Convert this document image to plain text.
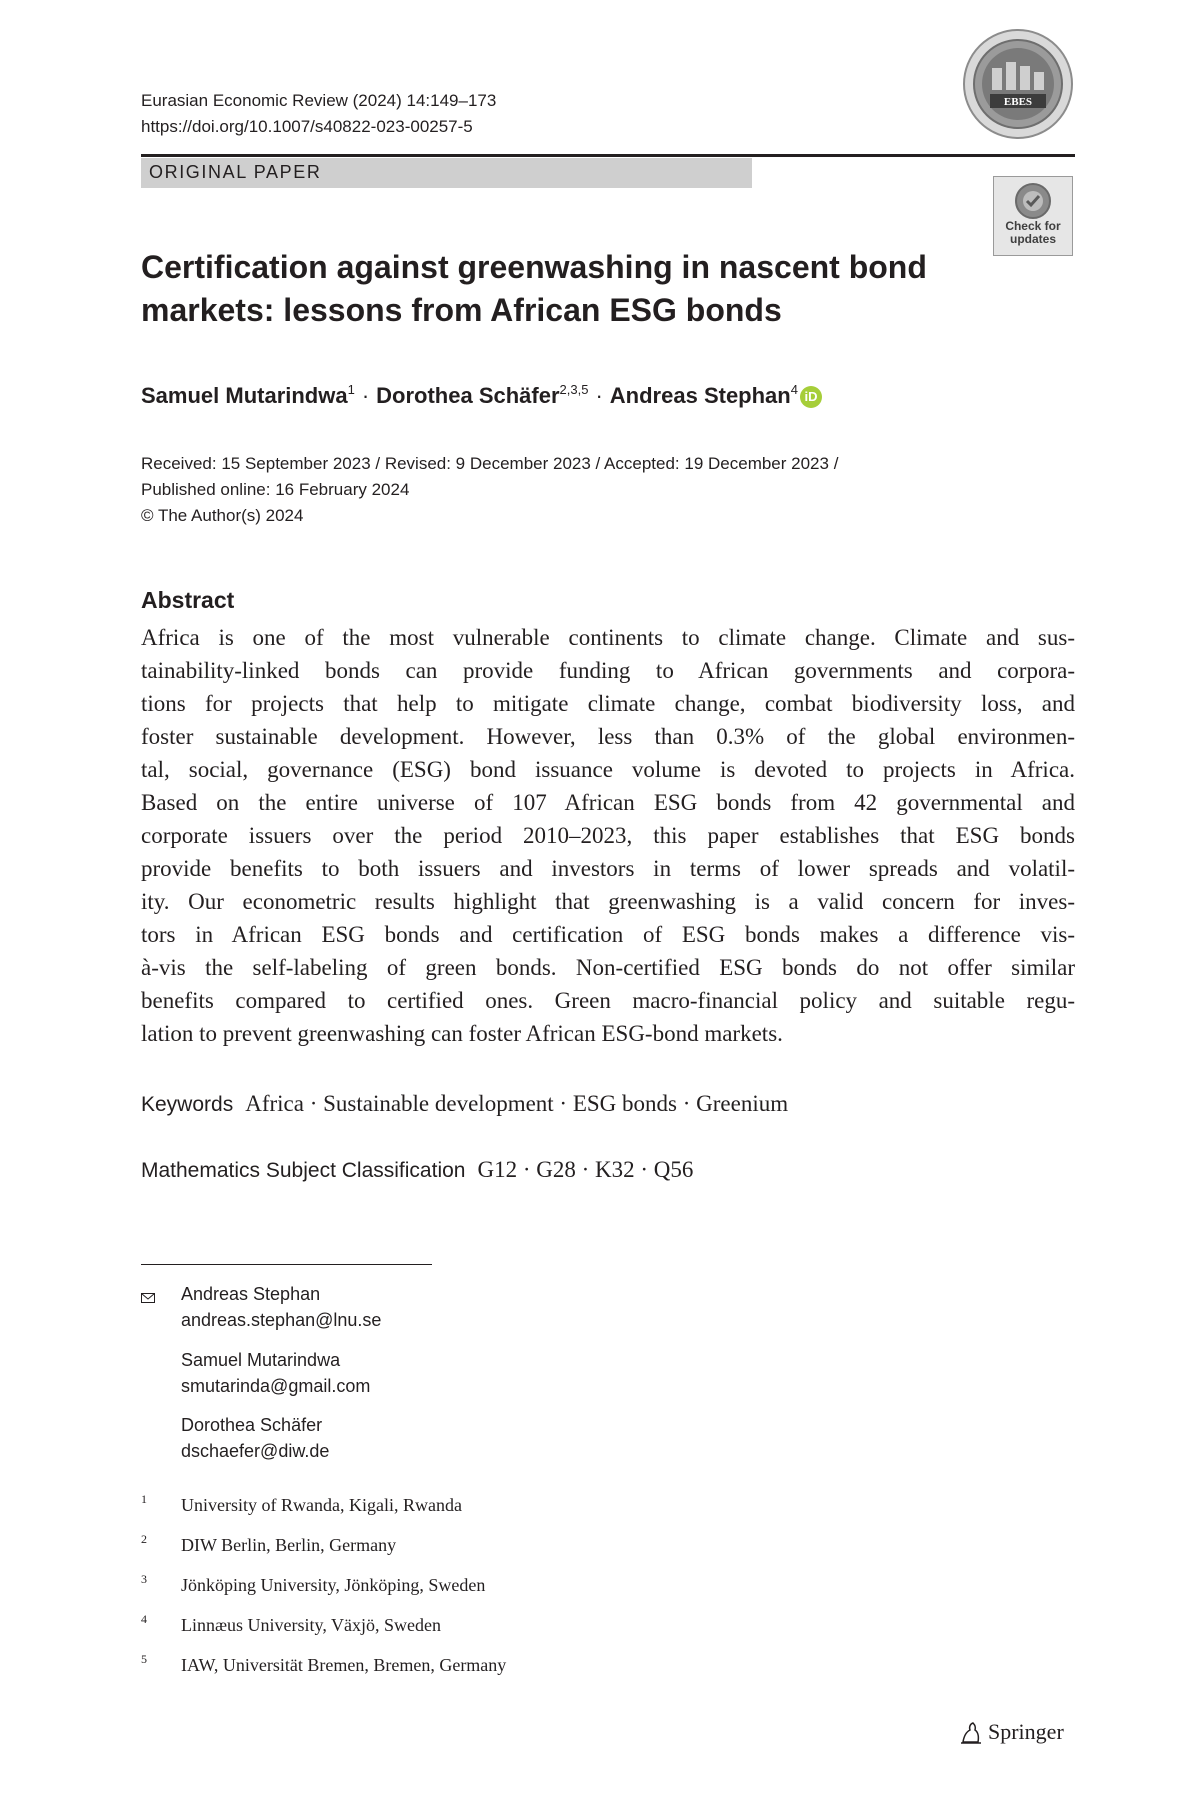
Eurasian Economic Review (2024) 14:149–173
https://doi.org/10.1007/s40822-023-00257-5
EBES
ORIGINAL PAPER
Check for updates
Certification against greenwashing in nascent bond
markets: lessons from African ESG bonds
Samuel Mutarindwa$^1$ · Dorothea Schäfer$^{2,3,5}$ · Andreas Stephan$^4$ iD
Received: 15 September 2023 / Revised: 9 December 2023 / Accepted: 19 December 2023 /
Published online: 16 February 2024
© The Author(s) 2024
Abstract
Africa is one of the most vulnerable continents to climate change. Climate and sus-
tainability-linked bonds can provide funding to African governments and corpora-
tions for projects that help to mitigate climate change, combat biodiversity loss, and
foster sustainable development. However, less than 0.3% of the global environmen-
tal, social, governance (ESG) bond issuance volume is devoted to projects in Africa.
Based on the entire universe of 107 African ESG bonds from 42 governmental and
corporate issuers over the period 2010–2023, this paper establishes that ESG bonds
provide benefits to both issuers and investors in terms of lower spreads and volatil-
ity. Our econometric results highlight that greenwashing is a valid concern for inves-
tors in African ESG bonds and certification of ESG bonds makes a difference vis-
à-vis the self-labeling of green bonds. Non-certified ESG bonds do not offer similar
benefits compared to certified ones. Green macro-financial policy and suitable regu-
lation to prevent greenwashing can foster African ESG-bond markets.
Keywords Africa · Sustainable development · ESG bonds · Greenium
Mathematics Subject Classification G12 · G28 · K32 · Q56
Andreas Stephan
andreas.stephan@lnu.se
Samuel Mutarindwa
smutarinda@gmail.com
Dorothea Schäfer
dschaefer@diw.de
1 University of Rwanda, Kigali, Rwanda
2 DIW Berlin, Berlin, Germany
3 Jönköping University, Jönköping, Sweden
4 Linnæus University, Växjö, Sweden
5 IAW, Universität Bremen, Bremen, Germany
Springer
